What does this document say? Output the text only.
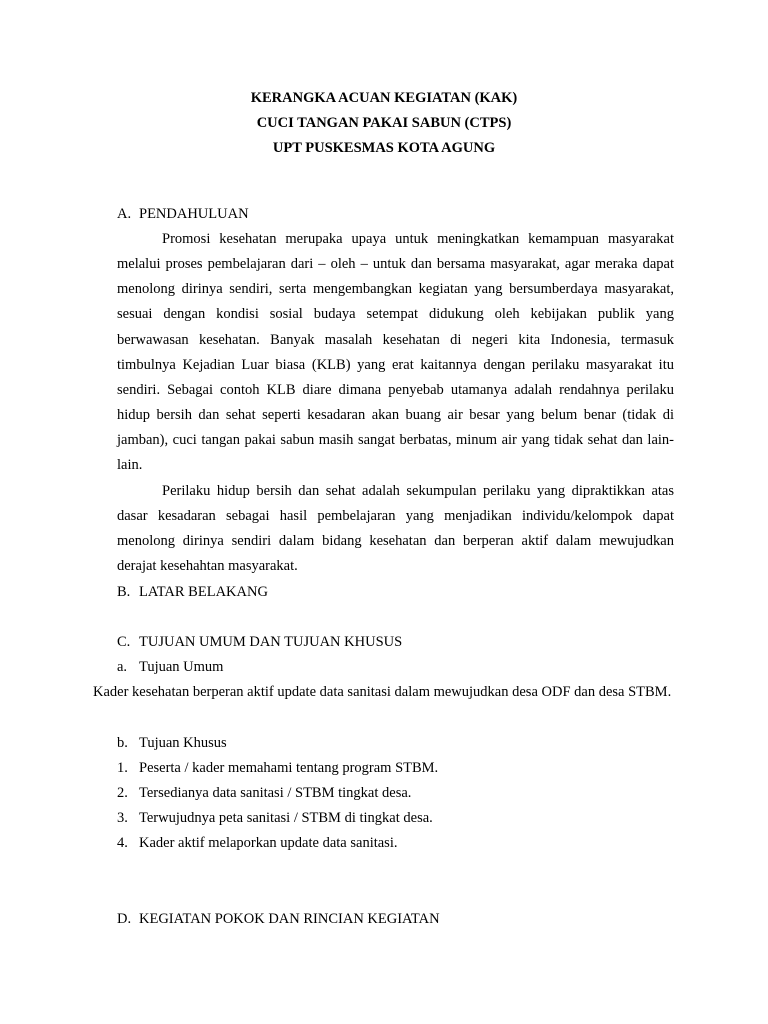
KERANGKA ACUAN KEGIATAN (KAK)

CUCI TANGAN PAKAI SABUN (CTPS)

UPT PUSKESMAS KOTA AGUNG

A. PENDAHULUAN

Promosi kesehatan merupaka upaya untuk meningkatkan kemampuan masyarakat melalui proses pembelajaran dari – oleh – untuk dan bersama masyarakat, agar meraka dapat menolong dirinya sendiri, serta mengembangkan kegiatan yang bersumberdaya masyarakat, sesuai dengan kondisi sosial budaya setempat didukung oleh kebijakan publik yang berwawasan kesehatan. Banyak masalah kesehatan di negeri kita Indonesia, termasuk timbulnya Kejadian Luar biasa (KLB) yang erat kaitannya dengan perilaku masyarakat itu sendiri. Sebagai contoh KLB diare dimana penyebab utamanya adalah rendahnya perilaku hidup bersih dan sehat seperti kesadaran akan buang air besar yang belum benar (tidak di jamban), cuci tangan pakai sabun masih sangat berbatas, minum air yang tidak sehat dan lain-lain.

Perilaku hidup bersih dan sehat adalah sekumpulan perilaku yang dipraktikkan atas dasar kesadaran sebagai hasil pembelajaran yang menjadikan individu/kelompok dapat menolong dirinya sendiri dalam bidang kesehatan dan berperan aktif dalam mewujudkan derajat kesehahtan masyarakat.

B. LATAR BELAKANG

C. TUJUAN UMUM DAN TUJUAN KHUSUS

a. Tujuan Umum

Kader kesehatan berperan aktif update data sanitasi dalam mewujudkan desa ODF dan desa STBM.

b. Tujuan Khusus

1. Peserta / kader memahami tentang program STBM.

2. Tersedianya data sanitasi / STBM tingkat desa.

3. Terwujudnya peta sanitasi / STBM di tingkat desa.

4. Kader aktif melaporkan update data sanitasi.

D. KEGIATAN POKOK DAN RINCIAN KEGIATAN
